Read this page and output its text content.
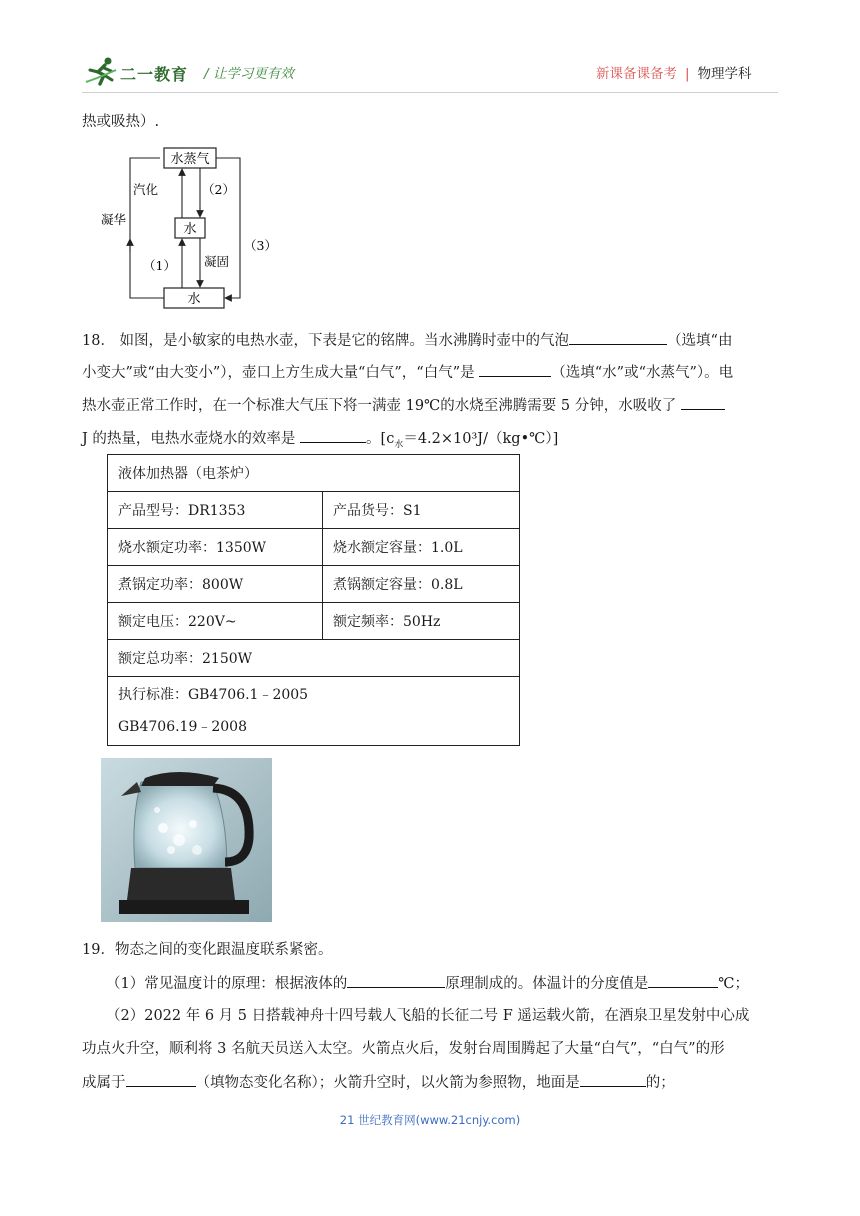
二一教育 / 让学习更有效	新课备课备考 | 物理学科
热或吸热）.
水蒸气
水
水
汽化	（2）
凝华
（3）
（1） 凝固
18． 如图，是小敏家的电热水壶，下表是它的铭牌。当水沸腾时壶中的气泡	（选填“由
小变大”或“由大变小”），壶口上方生成大量“白气”，“白气”是	（选填“水”或“水蒸气”）。电
热水壶正常工作时，在一个标准大气压下将一满壶 19℃的水烧至沸腾需要 5 分钟，水吸收了
J 的热量，电热水壶烧水的效率是	。$[c_水=4.2\times 10^3J/(kg•℃)]$
液体加热器（电茶炉）	
产品型号：DR1353	产品货号：S1
烧水额定功率：1350W	烧水额定容量：1.0L
煮锅定功率：800W	煮锅额定容量：0.8L
额定电压：220V~	额定频率：50Hz
额定总功率：2150W	

执行标准：GB4706.1﹣2005
GB4706.19﹣2008	
19．物态之间的变化跟温度联系紧密。
（1）常见温度计的原理：根据液体的	原理制成的。体温计的分度值是	℃；
（2）2022 年 6 月 5 日搭载神舟十四号载人飞船的长征二号 F 遥运载火箭，在酒泉卫星发射中心成
功点火升空，顺利将 3 名航天员送入太空。火箭点火后，发射台周围腾起了大量“白气”，“白气”的形
成属于	（填物态变化名称）；火箭升空时，以火箭为参照物，地面是	的；
21 世纪教育网(www.21cnjy.com)
